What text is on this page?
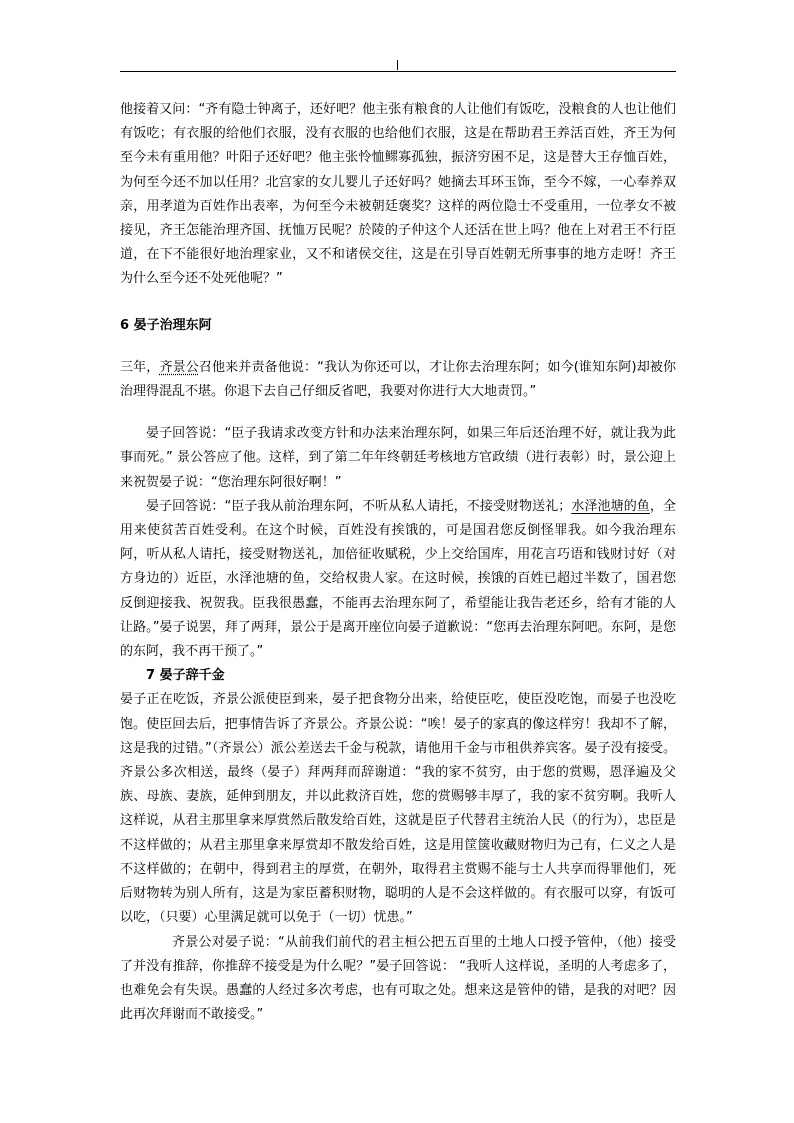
他接着又问：“齐有隐士钟离子，还好吧？他主张有粮食的人让他们有饭吃，没粮食的人也让他们有饭吃；有衣服的给他们衣服，没有衣服的也给他们衣服，这是在帮助君王养活百姓，齐王为何至今未有重用他？叶阳子还好吧？他主张怜恤鳏寡孤独，振济穷困不足，这是替大王存恤百姓，为何至今还不加以任用？北宫家的女儿婴儿子还好吗？她摘去耳环玉饰，至今不嫁，一心奉养双亲，用孝道为百姓作出表率，为何至今未被朝廷褒奖？这样的两位隐士不受重用，一位孝女不被接见，齐王怎能治理齐国、抚恤万民呢？於陵的子仲这个人还活在世上吗？他在上对君王不行臣道，在下不能很好地治理家业，又不和诸侯交往，这是在引导百姓朝无所事事的地方走呀！齐王为什么至今还不处死他呢？”

6 晏子治理东阿

三年，齐景公召他来并责备他说：“我认为你还可以，才让你去治理东阿；如今(谁知东阿)却被你治理得混乱不堪。你退下去自己仔细反省吧，我要对你进行大大地责罚。”

晏子回答说：“臣子我请求改变方针和办法来治理东阿，如果三年后还治理不好，就让我为此事而死。” 景公答应了他。这样，到了第二年年终朝廷考核地方官政绩（进行表彰）时，景公迎上来祝贺晏子说：“您治理东阿很好啊！”

晏子回答说：“臣子我从前治理东阿，不听从私人请托，不接受财物送礼；水泽池塘的鱼，全用来使贫苦百姓受利。在这个时候，百姓没有挨饿的，可是国君您反倒怪罪我。如今我治理东阿，听从私人请托，接受财物送礼，加倍征收赋税，少上交给国库，用花言巧语和钱财讨好（对方身边的）近臣，水泽池塘的鱼，交给权贵人家。在这时候，挨饿的百姓已超过半数了，国君您反倒迎接我、祝贺我。臣我很愚蠢，不能再去治理东阿了，希望能让我告老还乡，给有才能的人让路。”晏子说罢，拜了两拜，景公于是离开座位向晏子道歉说：“您再去治理东阿吧。东阿，是您的东阿，我不再干预了。”

7 晏子辞千金

晏子正在吃饭，齐景公派使臣到来，晏子把食物分出来，给使臣吃，使臣没吃饱，而晏子也没吃饱。使臣回去后，把事情告诉了齐景公。齐景公说：“唉！晏子的家真的像这样穷！我却不了解，这是我的过错。”（齐景公）派公差送去千金与税款，请他用千金与市租供养宾客。晏子没有接受。齐景公多次相送，最终（晏子）拜两拜而辞谢道：“我的家不贫穷，由于您的赏赐，恩泽遍及父族、母族、妻族，延伸到朋友，并以此救济百姓，您的赏赐够丰厚了，我的家不贫穷啊。我听人这样说，从君主那里拿来厚赏然后散发给百姓，这就是臣子代替君主统治人民（的行为），忠臣是不这样做的；从君主那里拿来厚赏却不散发给百姓，这是用筐箧收藏财物归为己有，仁义之人是不这样做的；在朝中，得到君主的厚赏，在朝外，取得君主赏赐不能与士人共享而得罪他们，死后财物转为别人所有，这是为家臣蓄积财物，聪明的人是不会这样做的。有衣服可以穿，有饭可以吃，（只要）心里满足就可以免于（一切）忧患。”

齐景公对晏子说：“从前我们前代的君主桓公把五百里的土地人口授予管仲，（他）接受了并没有推辞，你推辞不接受是为什么呢？”晏子回答说： “我听人这样说，圣明的人考虑多了，也难免会有失误。愚蠢的人经过多次考虑，也有可取之处。想来这是管仲的错，是我的对吧？因此再次拜谢而不敢接受。”
